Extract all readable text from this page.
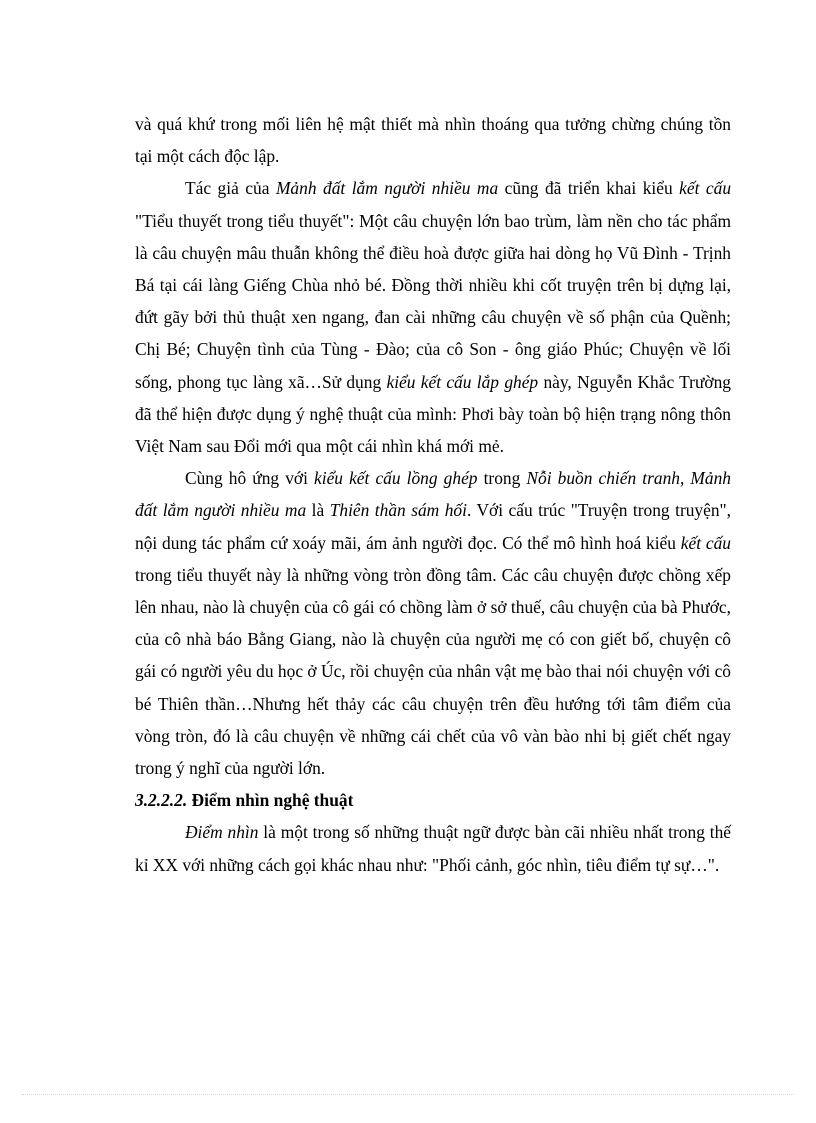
và quá khứ trong mối liên hệ mật thiết mà nhìn thoáng qua tưởng chừng chúng tồn tại một cách độc lập.

Tác giả của Mảnh đất lắm người nhiều ma cũng đã triển khai kiểu kết cấu "Tiểu thuyết trong tiểu thuyết": Một câu chuyện lớn bao trùm, làm nền cho tác phẩm là câu chuyện mâu thuẫn không thể điều hoà được giữa hai dòng họ Vũ Đình - Trịnh Bá tại cái làng Giếng Chùa nhỏ bé. Đồng thời nhiều khi cốt truyện trên bị dựng lại, đứt gãy bởi thủ thuật xen ngang, đan cài những câu chuyện về số phận của Quềnh; Chị Bé; Chuyện tình của Tùng - Đào; của cô Son - ông giáo Phúc; Chuyện về lối sống, phong tục làng xã…Sử dụng kiểu kết cấu lắp ghép này, Nguyễn Khắc Trường đã thể hiện được dụng ý nghệ thuật của mình: Phơi bày toàn bộ hiện trạng nông thôn Việt Nam sau Đổi mới qua một cái nhìn khá mới mẻ.

Cùng hô ứng với kiểu kết cấu lồng ghép trong Nỗi buồn chiến tranh, Mảnh đất lắm người nhiều ma là Thiên thần sám hối. Với cấu trúc "Truyện trong truyện", nội dung tác phẩm cứ xoáy mãi, ám ảnh người đọc. Có thể mô hình hoá kiểu kết cấu trong tiểu thuyết này là những vòng tròn đồng tâm. Các câu chuyện được chồng xếp lên nhau, nào là chuyện của cô gái có chồng làm ở sở thuế, câu chuyện của bà Phước, của cô nhà báo Bằng Giang, nào là chuyện của người mẹ có con giết bố, chuyện cô gái có người yêu du học ở Úc, rồi chuyện của nhân vật mẹ bào thai nói chuyện với cô bé Thiên thần…Nhưng hết thảy các câu chuyện trên đều hướng tới tâm điểm của vòng tròn, đó là câu chuyện về những cái chết của vô vàn bào nhi bị giết chết ngay trong ý nghĩ của người lớn.

3.2.2.2. Điểm nhìn nghệ thuật

Điểm nhìn là một trong số những thuật ngữ được bàn cãi nhiều nhất trong thế kỉ XX với những cách gọi khác nhau như: "Phối cảnh, góc nhìn, tiêu điểm tự sự…".
